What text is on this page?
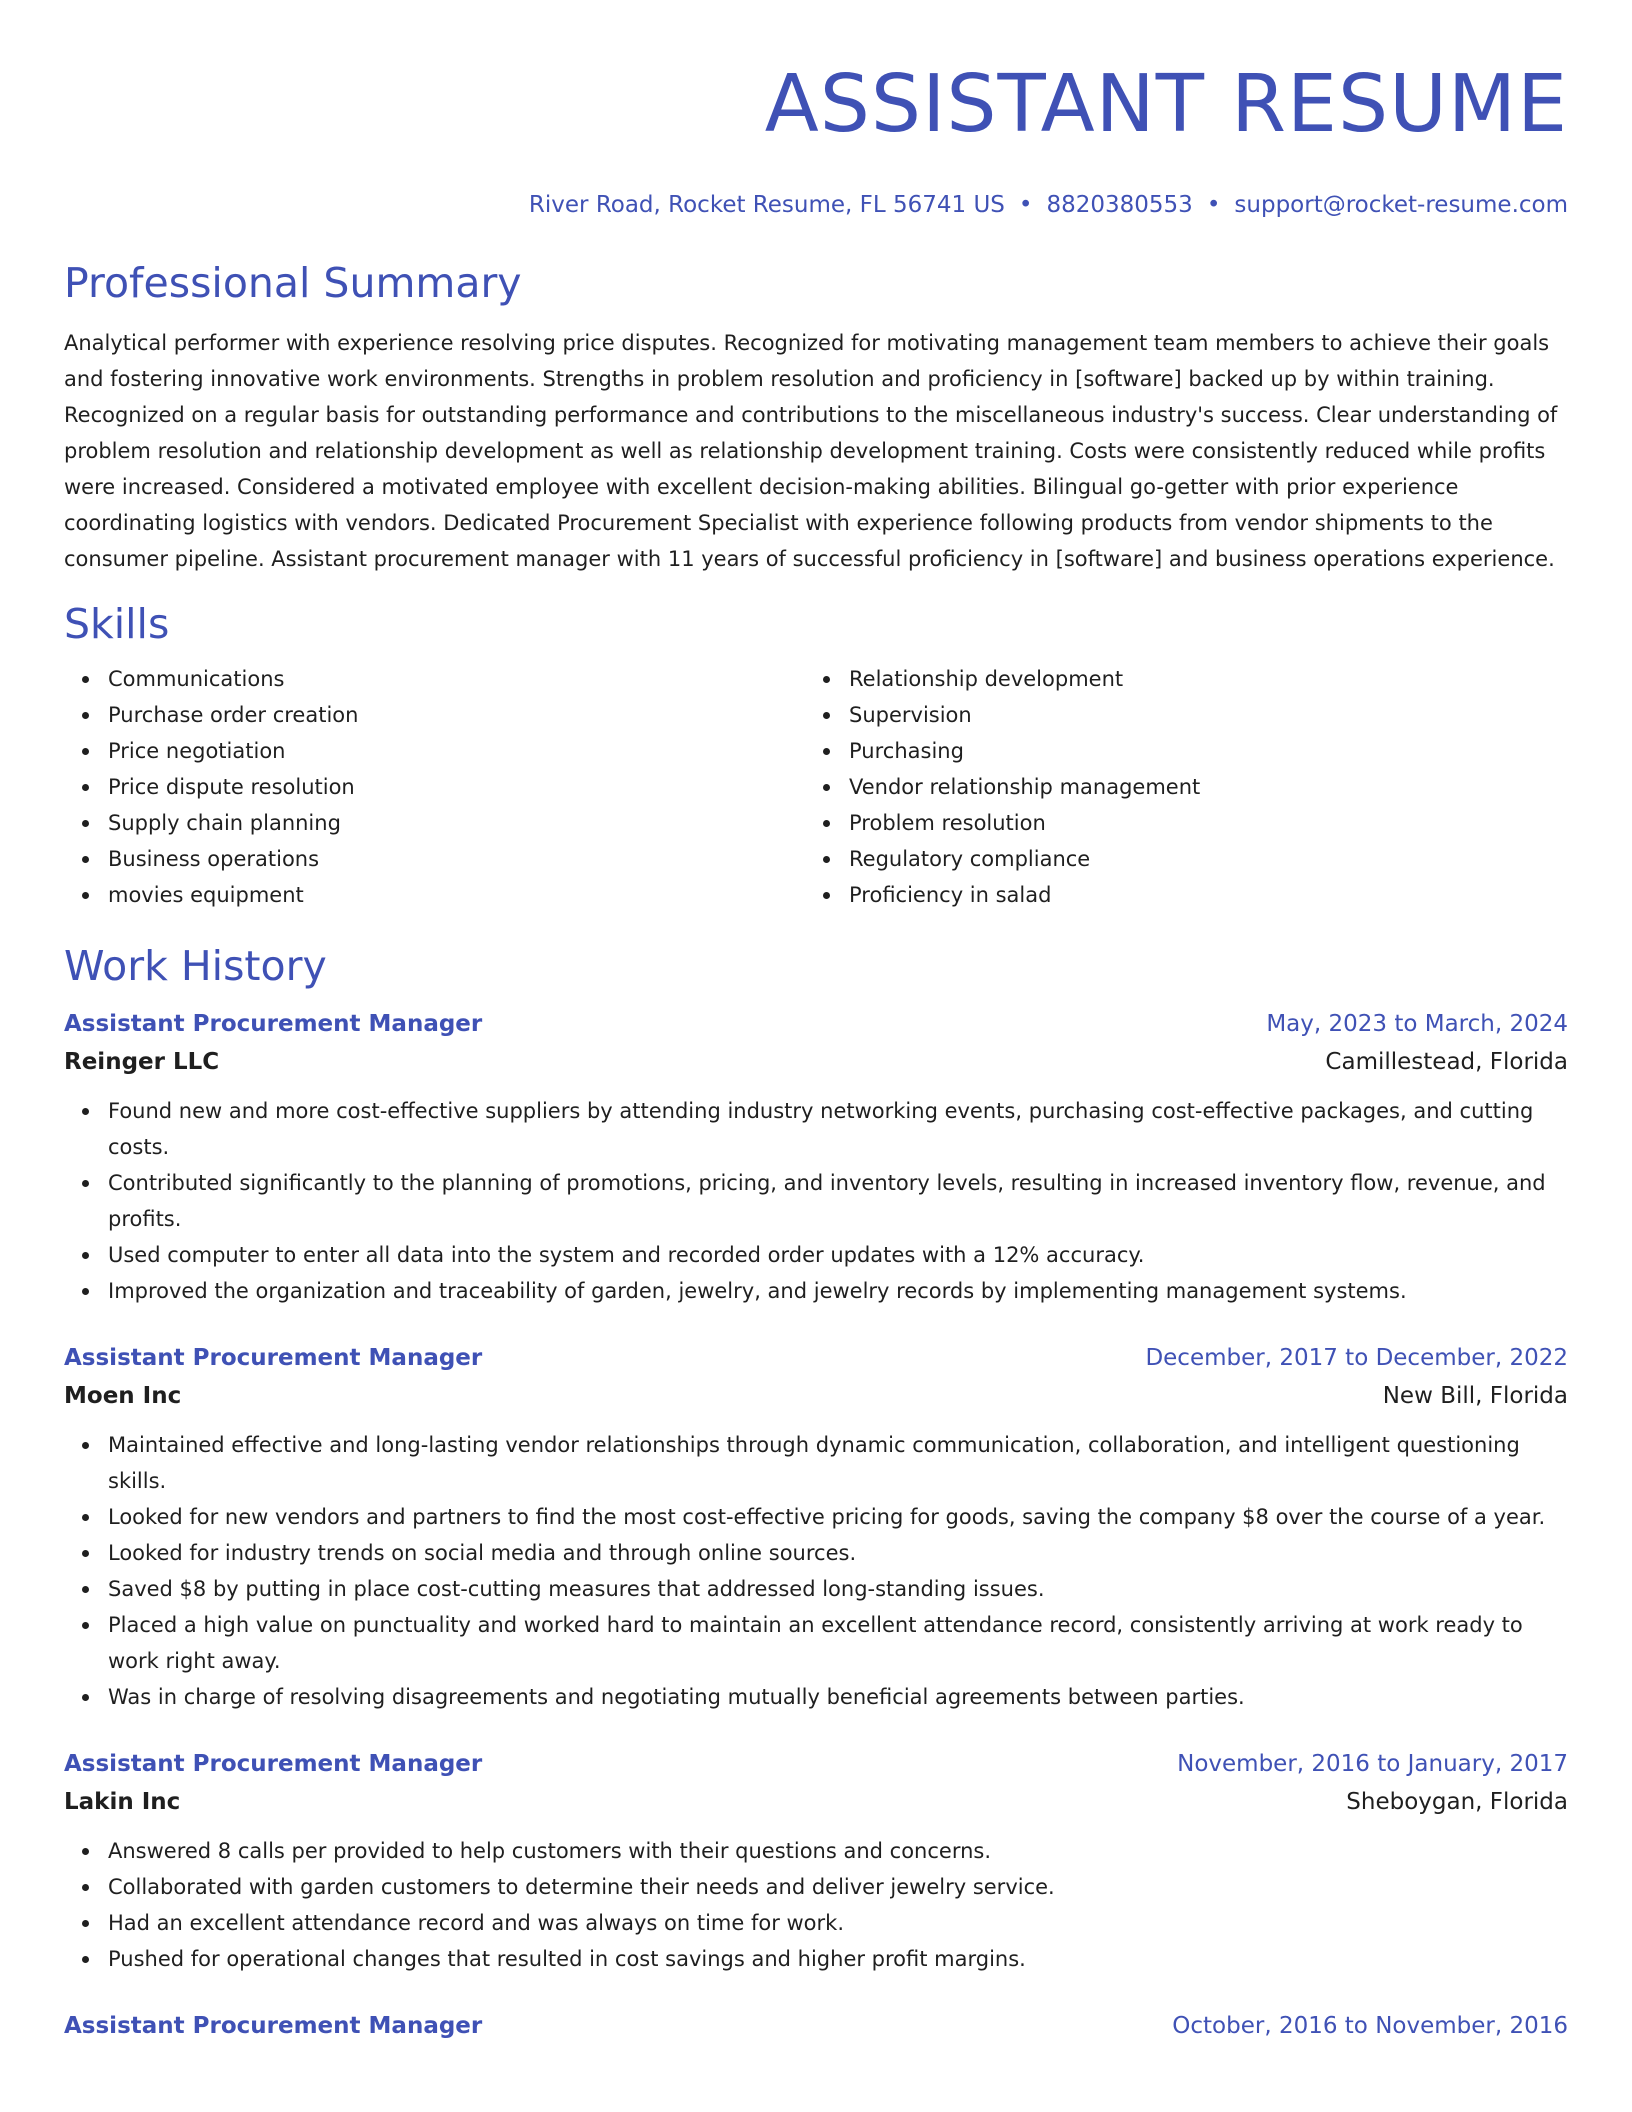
ASSISTANT RESUME
River Road, Rocket Resume, FL 56741 US • 8820380553 • support@rocket-resume.com
Professional Summary

Analytical performer with experience resolving price disputes. Recognized for motivating management team members to achieve their goals and fostering innovative work environments. Strengths in problem resolution and proficiency in [software] backed up by within training. Recognized on a regular basis for outstanding performance and contributions to the miscellaneous industry's success. Clear understanding of problem resolution and relationship development as well as relationship development training. Costs were consistently reduced while profits were increased. Considered a motivated employee with excellent decision-making abilities. Bilingual go-getter with prior experience coordinating logistics with vendors. Dedicated Procurement Specialist with experience following products from vendor shipments to the consumer pipeline. Assistant procurement manager with 11 years of successful proficiency in [software] and business operations experience.

Skills
Communications
Purchase order creation
Price negotiation
Price dispute resolution
Supply chain planning
Business operations
movies equipment
Relationship development
Supervision
Purchasing
Vendor relationship management
Problem resolution
Regulatory compliance
Proficiency in salad
Work History
Assistant Procurement Manager	May, 2023 to March, 2024
Reinger LLC	Camillestead, Florida
Found new and more cost-effective suppliers by attending industry networking events, purchasing cost-effective packages, and cutting costs.
Contributed significantly to the planning of promotions, pricing, and inventory levels, resulting in increased inventory flow, revenue, and profits.
Used computer to enter all data into the system and recorded order updates with a 12% accuracy.
Improved the organization and traceability of garden, jewelry, and jewelry records by implementing management systems.
Assistant Procurement Manager	December, 2017 to December, 2022
Moen Inc	New Bill, Florida
Maintained effective and long-lasting vendor relationships through dynamic communication, collaboration, and intelligent questioning skills.
Looked for new vendors and partners to find the most cost-effective pricing for goods, saving the company $8 over the course of a year.
Looked for industry trends on social media and through online sources.
Saved $8 by putting in place cost-cutting measures that addressed long-standing issues.
Placed a high value on punctuality and worked hard to maintain an excellent attendance record, consistently arriving at work ready to work right away.
Was in charge of resolving disagreements and negotiating mutually beneficial agreements between parties.
Assistant Procurement Manager	November, 2016 to January, 2017
Lakin Inc	Sheboygan, Florida
Answered 8 calls per provided to help customers with their questions and concerns.
Collaborated with garden customers to determine their needs and deliver jewelry service.
Had an excellent attendance record and was always on time for work.
Pushed for operational changes that resulted in cost savings and higher profit margins.
Assistant Procurement Manager	October, 2016 to November, 2016
